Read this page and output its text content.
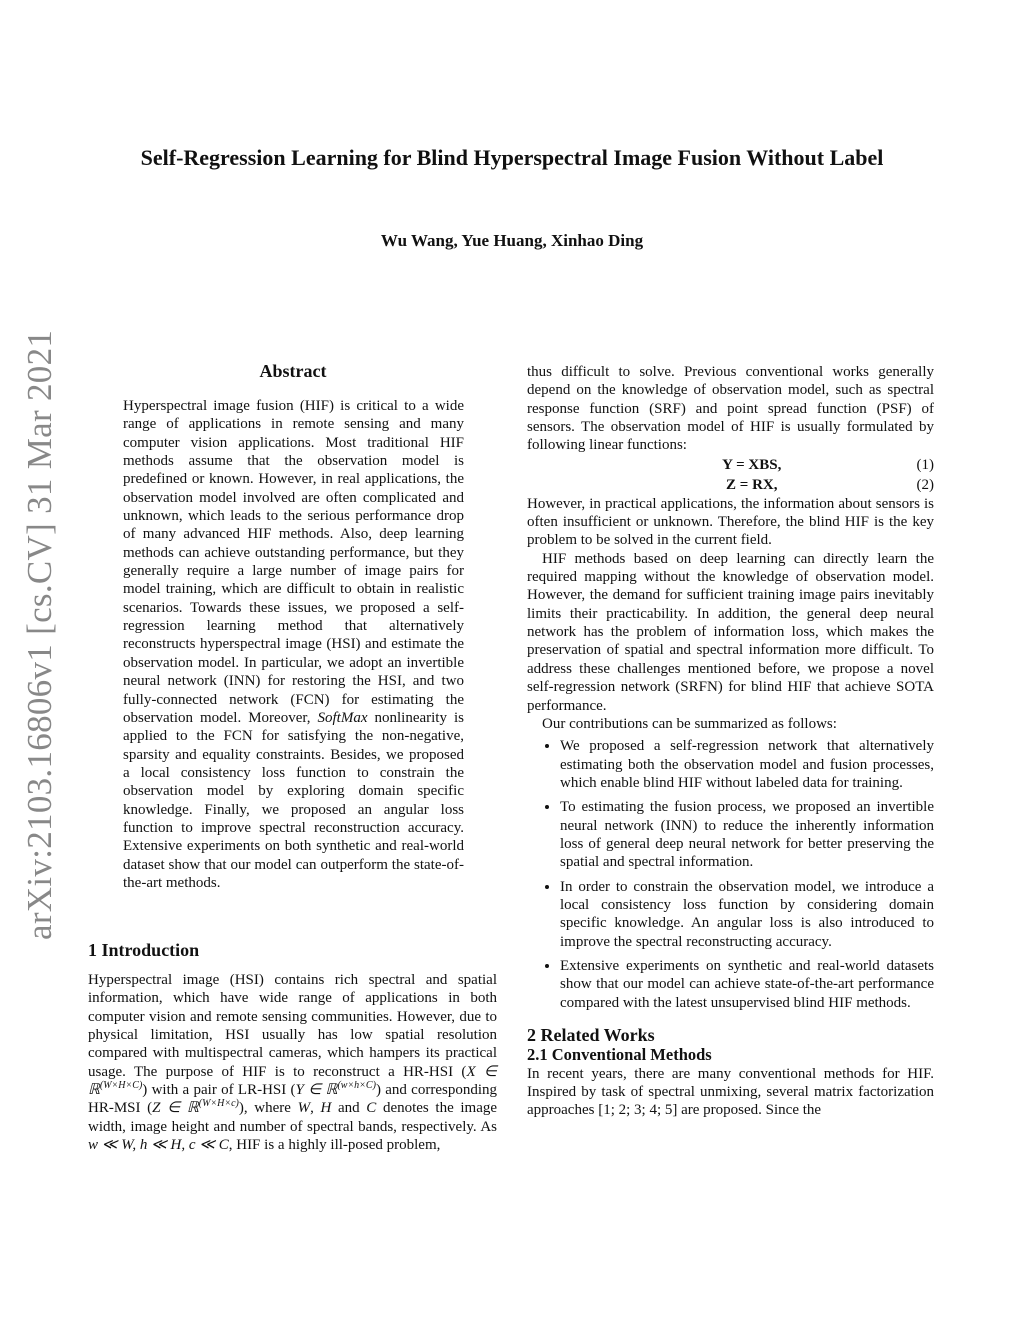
arXiv:2103.16806v1 [cs.CV] 31 Mar 2021
Self-Regression Learning for Blind Hyperspectral Image Fusion Without Label
Wu Wang, Yue Huang, Xinhao Ding
Abstract
Hyperspectral image fusion (HIF) is critical to a wide range of applications in remote sensing and many computer vision applications. Most traditional HIF methods assume that the observation model is predefined or known. However, in real applications, the observation model involved are often complicated and unknown, which leads to the serious performance drop of many advanced HIF methods. Also, deep learning methods can achieve outstanding performance, but they generally require a large number of image pairs for model training, which are difficult to obtain in realistic scenarios. Towards these issues, we proposed a self-regression learning method that alternatively reconstructs hyperspectral image (HSI) and estimate the observation model. In particular, we adopt an invertible neural network (INN) for restoring the HSI, and two fully-connected network (FCN) for estimating the observation model. Moreover, SoftMax nonlinearity is applied to the FCN for satisfying the non-negative, sparsity and equality constraints. Besides, we proposed a local consistency loss function to constrain the observation model by exploring domain specific knowledge. Finally, we proposed an angular loss function to improve spectral reconstruction accuracy. Extensive experiments on both synthetic and real-world dataset show that our model can outperform the state-of-the-art methods.
1 Introduction
Hyperspectral image (HSI) contains rich spectral and spatial information, which have wide range of applications in both computer vision and remote sensing communities. However, due to physical limitation, HSI usually has low spatial resolution compared with multispectral cameras, which hampers its practical usage. The purpose of HIF is to reconstruct a HR-HSI (X ∈ ℝ$^{(W\times H\times C)}$) with a pair of LR-HSI (Y ∈ ℝ$^{(w\times h\times C)}$) and corresponding HR-MSI (Z ∈ ℝ$^{(W\times H\times c)}$), where W, H and C denotes the image width, image height and number of spectral bands, respectively. As w ≪ W, h ≪ H, c ≪ C, HIF is a highly ill-posed problem,

thus difficult to solve. Previous conventional works generally depend on the knowledge of observation model, such as spectral response function (SRF) and point spread function (PSF) of sensors. The observation model of HIF is usually formulated by following linear functions:

Y = XBS,	(1)
Z = RX,	(2)

However, in practical applications, the information about sensors is often insufficient or unknown. Therefore, the blind HIF is the key problem to be solved in the current field.

HIF methods based on deep learning can directly learn the required mapping without the knowledge of observation model. However, the demand for sufficient training image pairs inevitably limits their practicability. In addition, the general deep neural network has the problem of information loss, which makes the preservation of spatial and spectral information more difficult. To address these challenges mentioned before, we propose a novel self-regression network (SRFN) for blind HIF that achieve SOTA performance.

Our contributions can be summarized as follows:

• We proposed a self-regression network that alternatively estimating both the observation model and fusion processes, which enable blind HIF without labeled data for training.
• To estimating the fusion process, we proposed an invertible neural network (INN) to reduce the inherently information loss of general deep neural network for better preserving the spatial and spectral information.
• In order to constrain the observation model, we introduce a local consistency loss function by considering domain specific knowledge. An angular loss is also introduced to improve the spectral reconstructing accuracy.
• Extensive experiments on synthetic and real-world datasets show that our model can achieve state-of-the-art performance compared with the latest unsupervised blind HIF methods.
2 Related Works
2.1 Conventional Methods

In recent years, there are many conventional methods for HIF. Inspired by task of spectral unmixing, several matrix factorization approaches [1; 2; 3; 4; 5] are proposed. Since the
